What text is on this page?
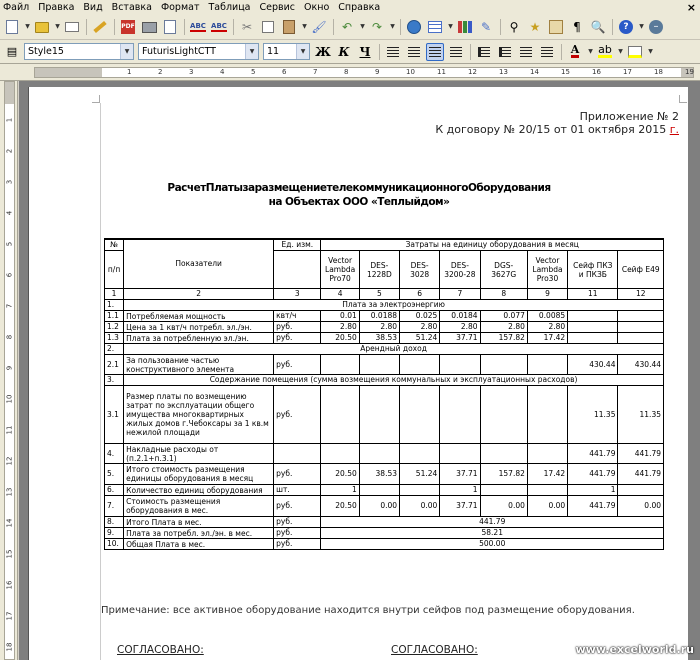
Файл Правка Вид Вставка Формат Таблица Сервис Окно Справка	×
▼	▼	PDF	ABC ABC ✂	▼ 🖌 ↶ ▼ ↷ ▼	▼ ✎ ⚲ ★	¶ 🔍	?	▼ –
▤ Style15	▼	FuturisLightCTT	▼	11	▼ Ж К Ч	A ▼ ab ▼	▼
1	2	3	4	5	6	7	8	9	10	11	12	13	14	15	16	17	18	19
1
2
3
4
5
6
7
8
9
10
11
12
13
14
15
16
17
18
Приложение № 2
К договору № 20/15 от 01 октября 2015 г.
РасчетПлатызаразмещениетелекоммуникационногоОборудования
на Объектах ООО «Теплыйдом»
№	Показатели	Ед. изм.	Затраты на единицу оборудования в месяц							
п/п			Vector Lambda Pro70	DES-1228D	DES-3028	DES-3200-28	DGS-3627G	Vector Lambda Pro30	Сейф ПКЗ и ПКЗБ	Сейф Е49
1	2	3	4	5	6	7	8	9	11	12
1.	Плата за электроэнергию									
1.1	Потребляемая мощность	квт/ч	0.01	0.0188	0.025	0.0184	0.077	0.0085		
1.2	Цена за 1 квт/ч потребл. эл./эн.	руб.	2.80	2.80	2.80	2.80	2.80	2.80		
1.3	Плата за потребленную эл./эн.	руб.	20.50	38.53	51.24	37.71	157.82	17.42		
2.	Арендный доход									
2.1	За пользование частью конструктивного элемента	руб.							430.44	430.44
3.	Содержание помещения (сумма возмещения коммунальных и эксплуатационных расходов)									
3.1	Размер платы по возмещению затрат по эксплуатации общего имущества многоквартирных жилых домов г.Чебоксары за 1 кв.м нежилой площади	руб.							11.35	11.35
4.	Накладные расходы от (п.2.1+п.3.1)								441.79	441.79
5.	Итого стоимость размещения единицы оборудования в месяц	руб.	20.50	38.53	51.24	37.71	157.82	17.42	441.79	441.79
6.	Количество единиц оборудования	шт.	1			1			1	
7.	Стоимость размещения оборудования в мес.	руб.	20.50	0.00	0.00	37.71	0.00	0.00	441.79	0.00
8.	Итого Плата в мес.	руб.	441.79							
9.	Плата за потребл. эл./эн. в мес.	руб.	58.21							
10.	Общая Плата в мес.	руб.	500.00							
Примечание: все активное оборудование находится внутри сейфов под размещение оборудования.
СОГЛАСОВАНО:	СОГЛАСОВАНО:	www.excelworld.ru
